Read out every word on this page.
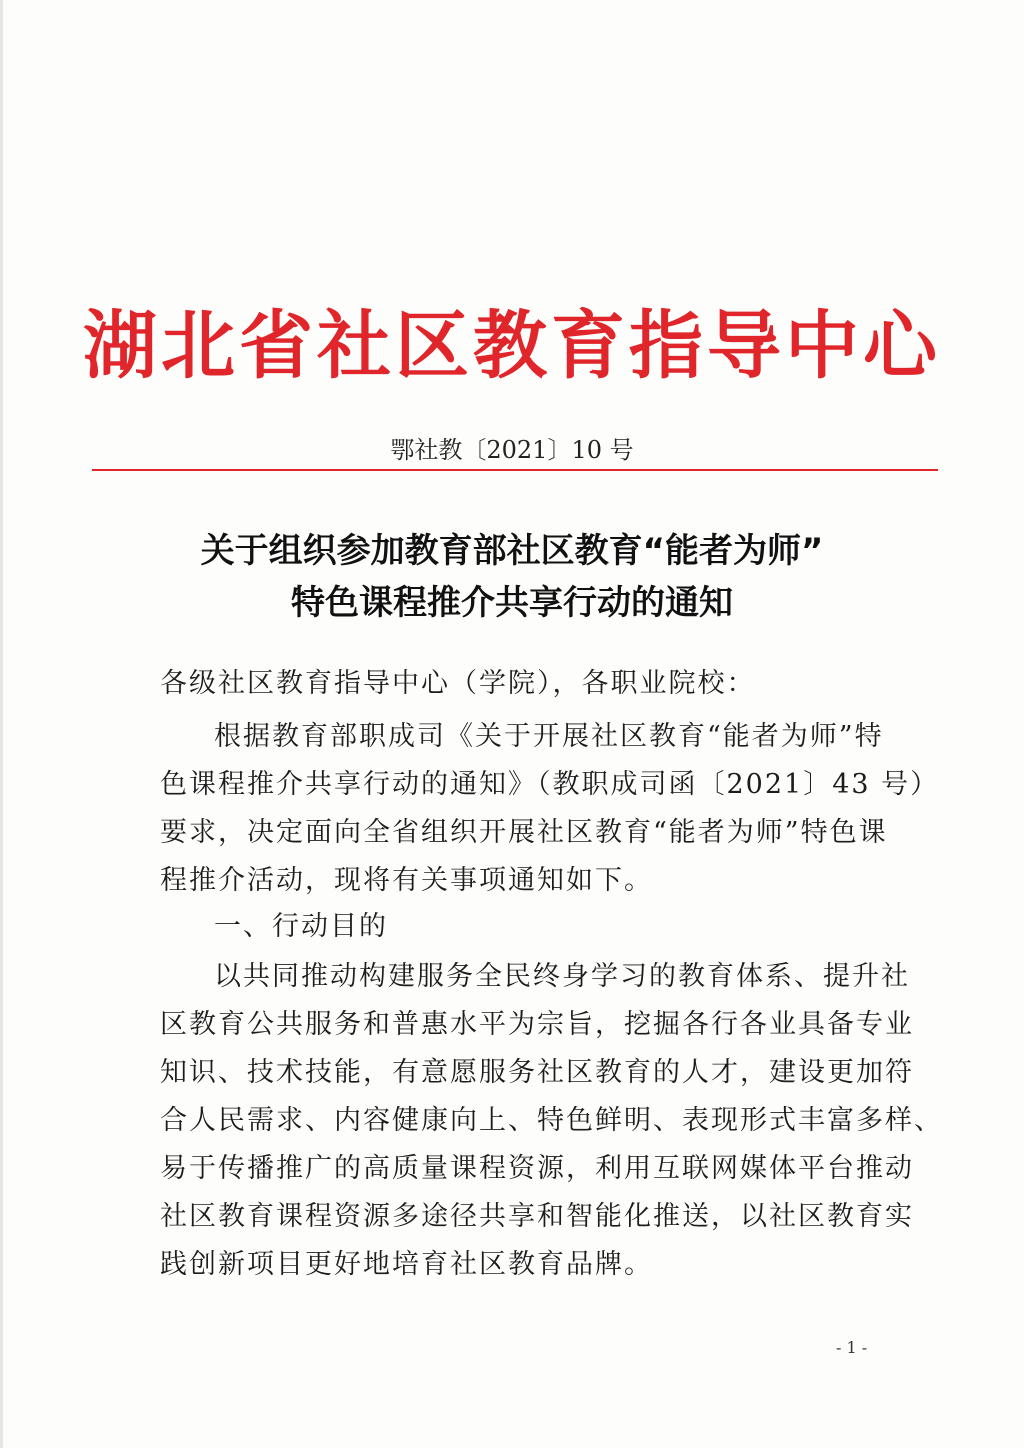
湖北省社区教育指导中心
鄂社教〔2021〕10 号
关于组织参加教育部社区教育“能者为师”
特色课程推介共享行动的通知
各级社区教育指导中心（学院），各职业院校：
根据教育部职成司《关于开展社区教育“能者为师”特
色课程推介共享行动的通知》（教职成司函〔2021〕43 号）
要求，决定面向全省组织开展社区教育“能者为师”特色课
程推介活动，现将有关事项通知如下。
一、行动目的
以共同推动构建服务全民终身学习的教育体系、提升社
区教育公共服务和普惠水平为宗旨，挖掘各行各业具备专业
知识、技术技能，有意愿服务社区教育的人才，建设更加符
合人民需求、内容健康向上、特色鲜明、表现形式丰富多样、
易于传播推广的高质量课程资源，利用互联网媒体平台推动
社区教育课程资源多途径共享和智能化推送，以社区教育实
践创新项目更好地培育社区教育品牌。
- 1 -
